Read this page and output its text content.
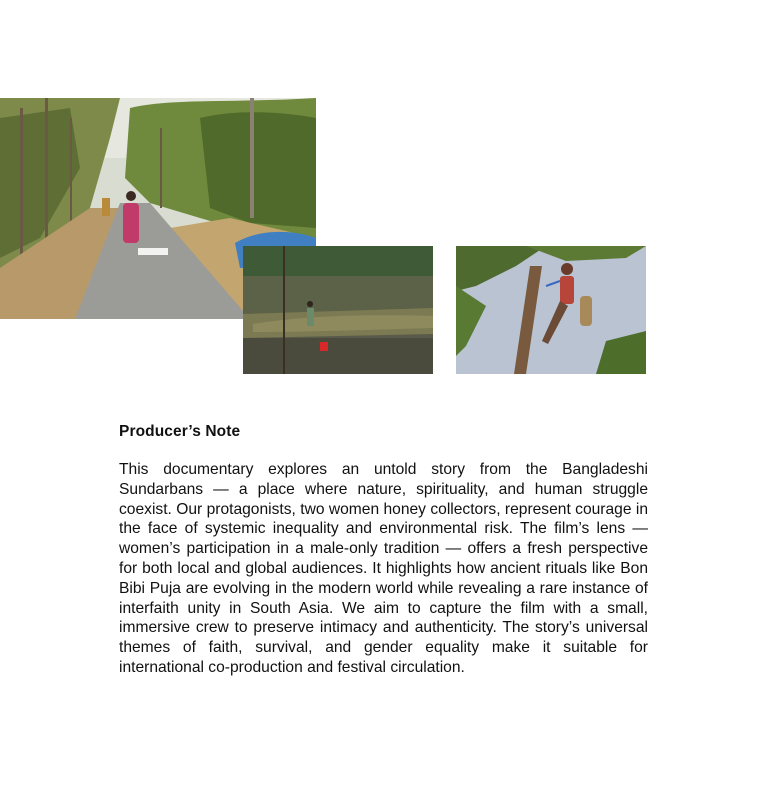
Producer’s Note

This documentary explores an untold story from the Bangladeshi Sundarbans — a place where nature, spirituality, and human struggle coexist. Our protagonists, two women honey collectors, represent courage in the face of systemic inequality and environmental risk. The film’s lens — women’s participation in a male-only tradition — offers a fresh perspective for both local and global audiences. It highlights how ancient rituals like Bon Bibi Puja are evolving in the modern world while revealing a rare instance of interfaith unity in South Asia. We aim to capture the film with a small, immersive crew to preserve intimacy and authenticity. The story’s universal themes of faith, survival, and gender equality make it suitable for international co-production and festival circulation.
